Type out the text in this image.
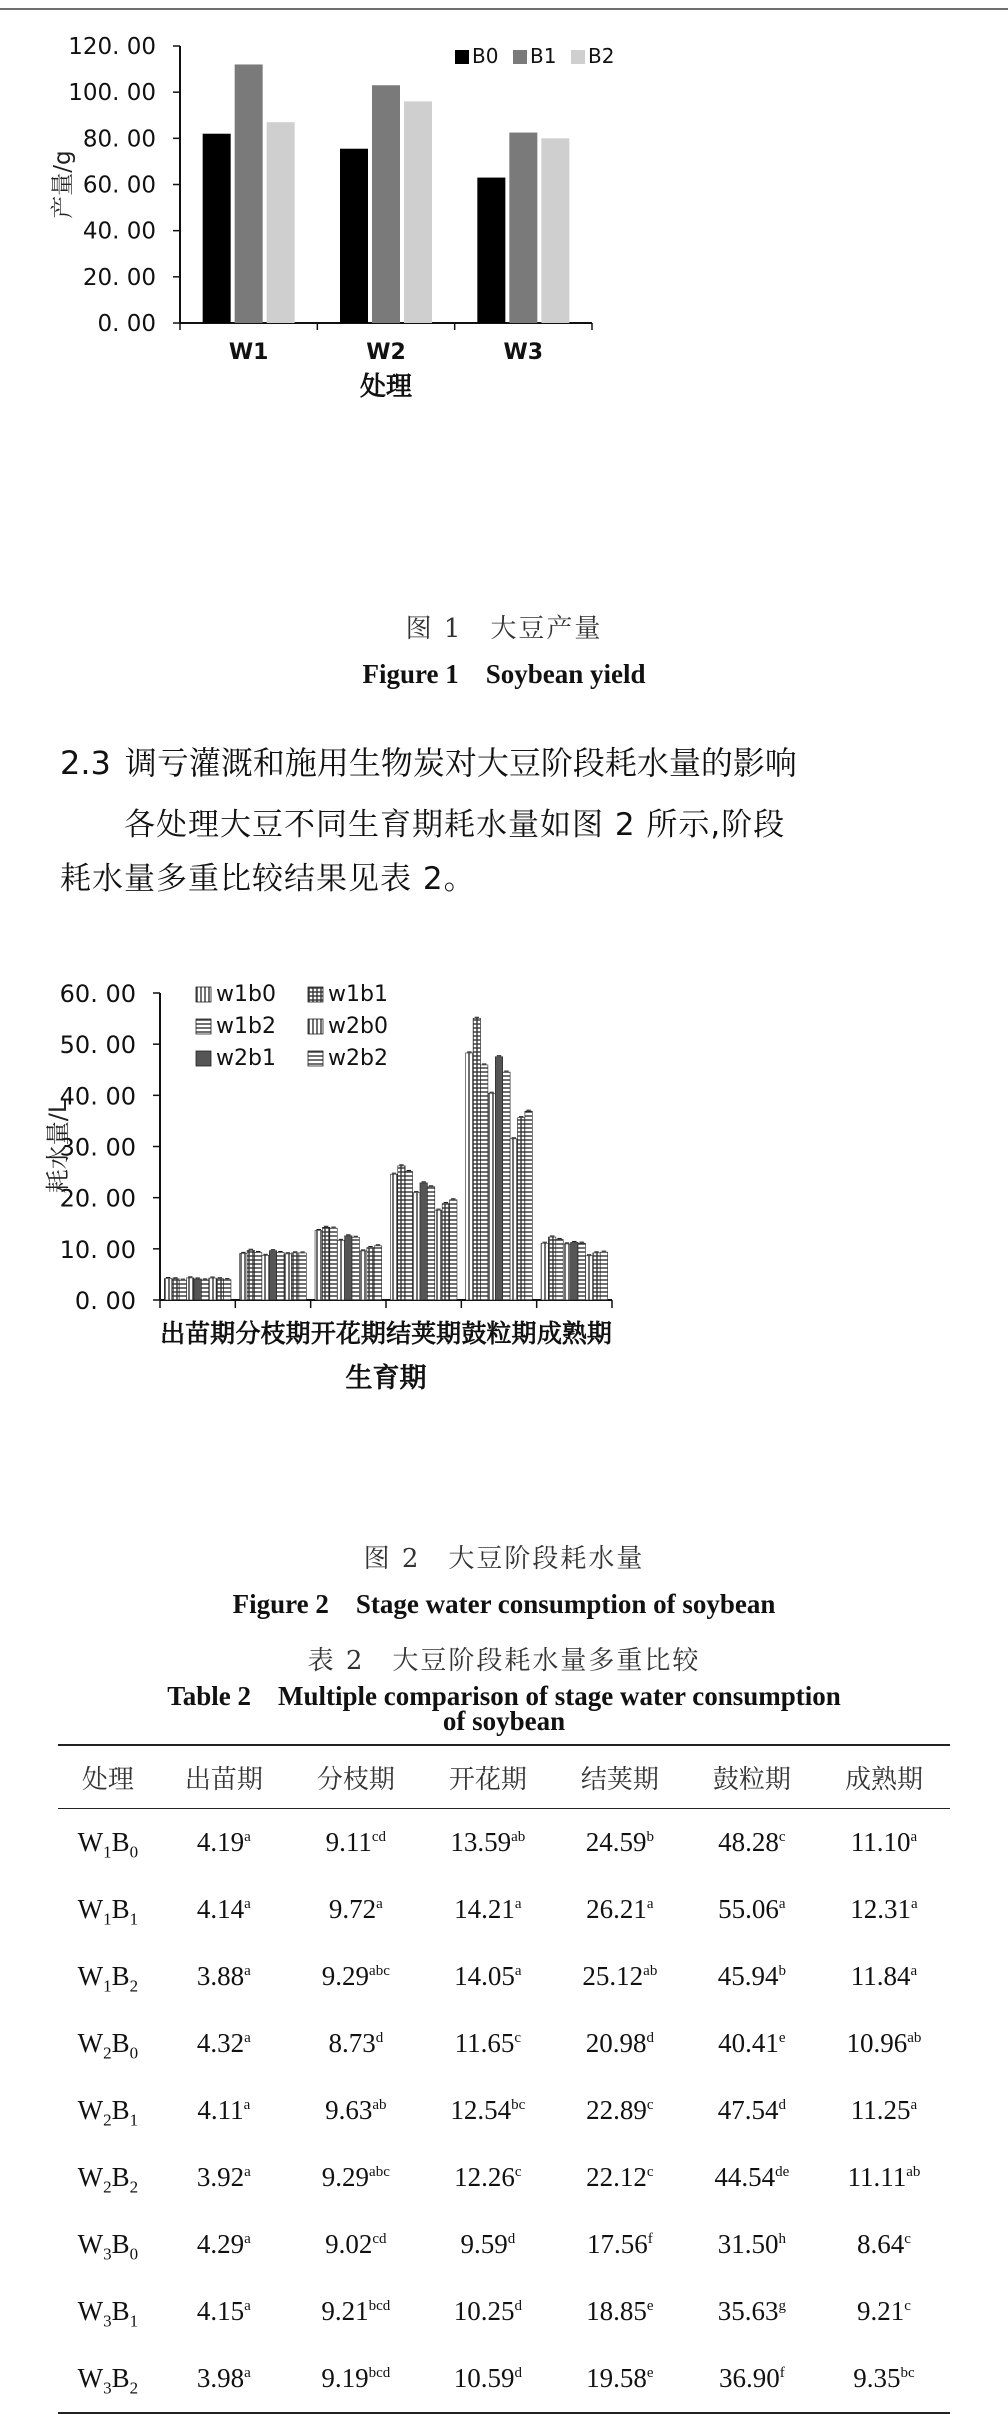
0. 00
20. 00
40. 00
60. 00
80. 00
100. 00
120. 00
W1	W2	W3
处理
产量/g
B0 B1 B2
图 1　大豆产量
Figure 1　Soybean yield
2.3 调亏灌溉和施用生物炭对大豆阶段耗水量的影响
各处理大豆不同生育期耗水量如图 2 所示,阶段
耗水量多重比较结果见表 2。
0. 00
10. 00
20. 00
30. 00
40. 00
50. 00
60. 00
出苗期 分枝期 开花期 结荚期 鼓粒期 成熟期
生育期
耗水量/L
w1b0 w1b1
w1b2 w2b0
w2b1 w2b2
图 2　大豆阶段耗水量
Figure 2　Stage water consumption of soybean
表 2　大豆阶段耗水量多重比较
Table 2　Multiple comparison of stage water consumption
of soybean
处理	出苗期	分枝期	开花期	结荚期	鼓粒期	成熟期
$W_1B_0$	4.19$^a$	9.11$^{cd}$	13.59$^{ab}$	24.59$^b$	48.28$^c$	11.10$^a$
$W_1B_1$	4.14$^a$	9.72$^a$	14.21$^a$	26.21$^a$	55.06$^a$	12.31$^a$
$W_1B_2$	3.88$^a$	9.29$^{abc}$	14.05$^a$	25.12$^{ab}$	45.94$^b$	11.84$^a$
$W_2B_0$	4.32$^a$	8.73$^d$	11.65$^c$	20.98$^d$	40.41e	10.96$^{ab}$
$W_2B_1$	4.11$^a$	9.63$^{ab}$	12.54$^{bc}$	22.89$^c$	47.54$^d$	11.25$^a$
$W_2B_2$	3.92$^a$	9.29$^{abc}$	12.26$^c$	22.12$^c$	44.54de	11.11$^{ab}$
$W_3B_0$	4.29$^a$	9.02$^{cd}$	9.59$^d$	17.56$^f$	31.50$^h$	8.64$^c$
$W_3B_1$	4.15$^a$	9.21$^{bcd}$	10.25$^d$	18.85e	35.63$^g$	9.21$^c$
$W_3B_2$	3.98$^a$	9.19$^{bcd}$	10.59$^d$	19.58e	36.90$^f$	9.35$^{bc}$
